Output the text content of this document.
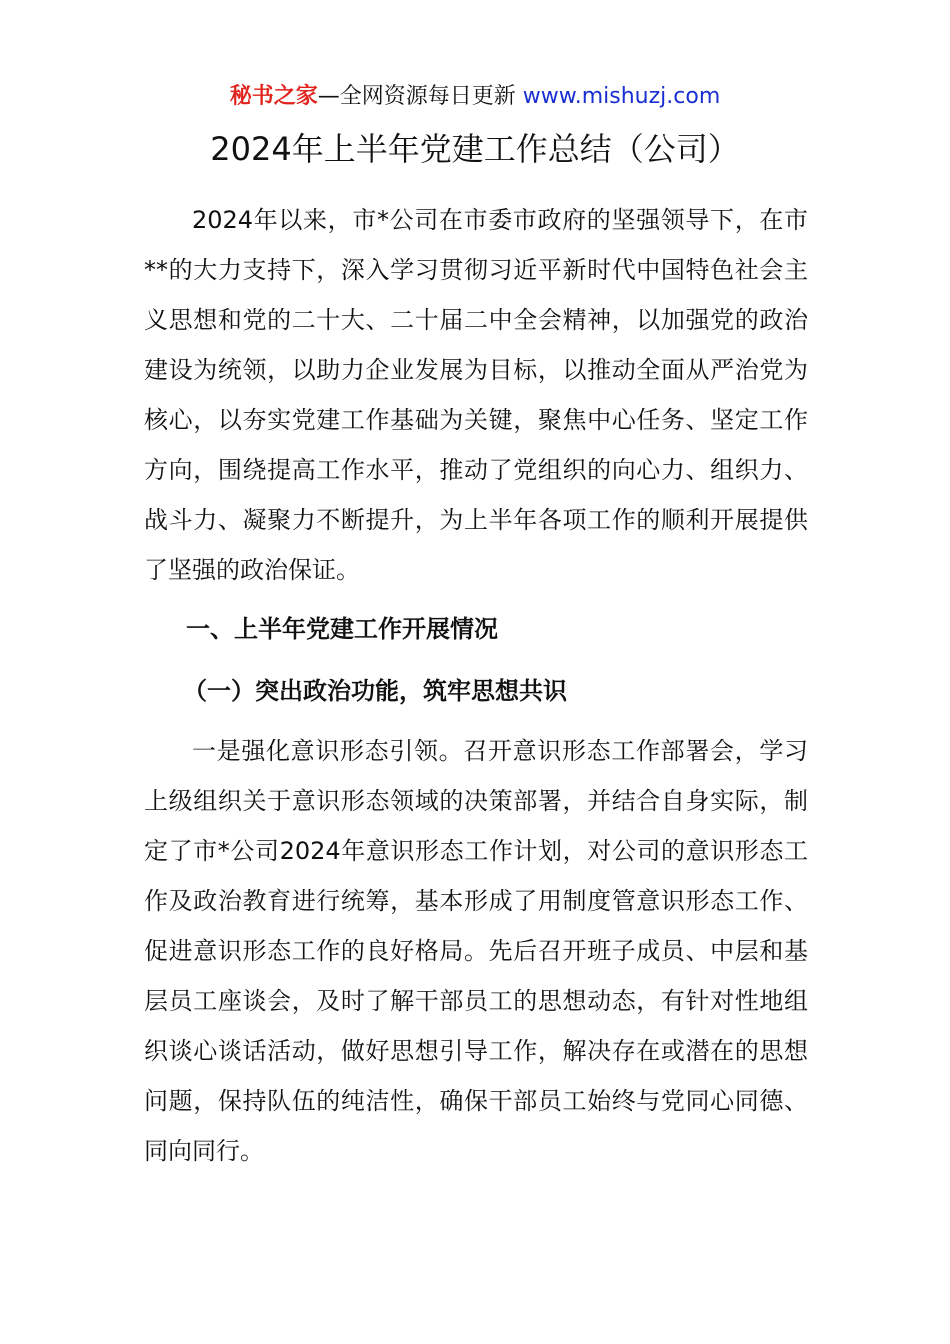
秘书之家—全网资源每日更新 www.mishuzj.com
2024年上半年党建工作总结（公司）

2024年以来，市*公司在市委市政府的坚强领导下，在市**的大力支持下，深入学习贯彻习近平新时代中国特色社会主义思想和党的二十大、二十届二中全会精神，以加强党的政治建设为统领，以助力企业发展为目标，以推动全面从严治党为核心，以夯实党建工作基础为关键，聚焦中心任务、坚定工作方向，围绕提高工作水平，推动了党组织的向心力、组织力、战斗力、凝聚力不断提升，为上半年各项工作的顺利开展提供了坚强的政治保证。

一、上半年党建工作开展情况

（一）突出政治功能，筑牢思想共识

一是强化意识形态引领。召开意识形态工作部署会，学习上级组织关于意识形态领域的决策部署，并结合自身实际，制定了市*公司2024年意识形态工作计划，对公司的意识形态工作及政治教育进行统筹，基本形成了用制度管意识形态工作、促进意识形态工作的良好格局。先后召开班子成员、中层和基层员工座谈会，及时了解干部员工的思想动态，有针对性地组织谈心谈话活动，做好思想引导工作，解决存在或潜在的思想问题，保持队伍的纯洁性，确保干部员工始终与党同心同德、同向同行。
